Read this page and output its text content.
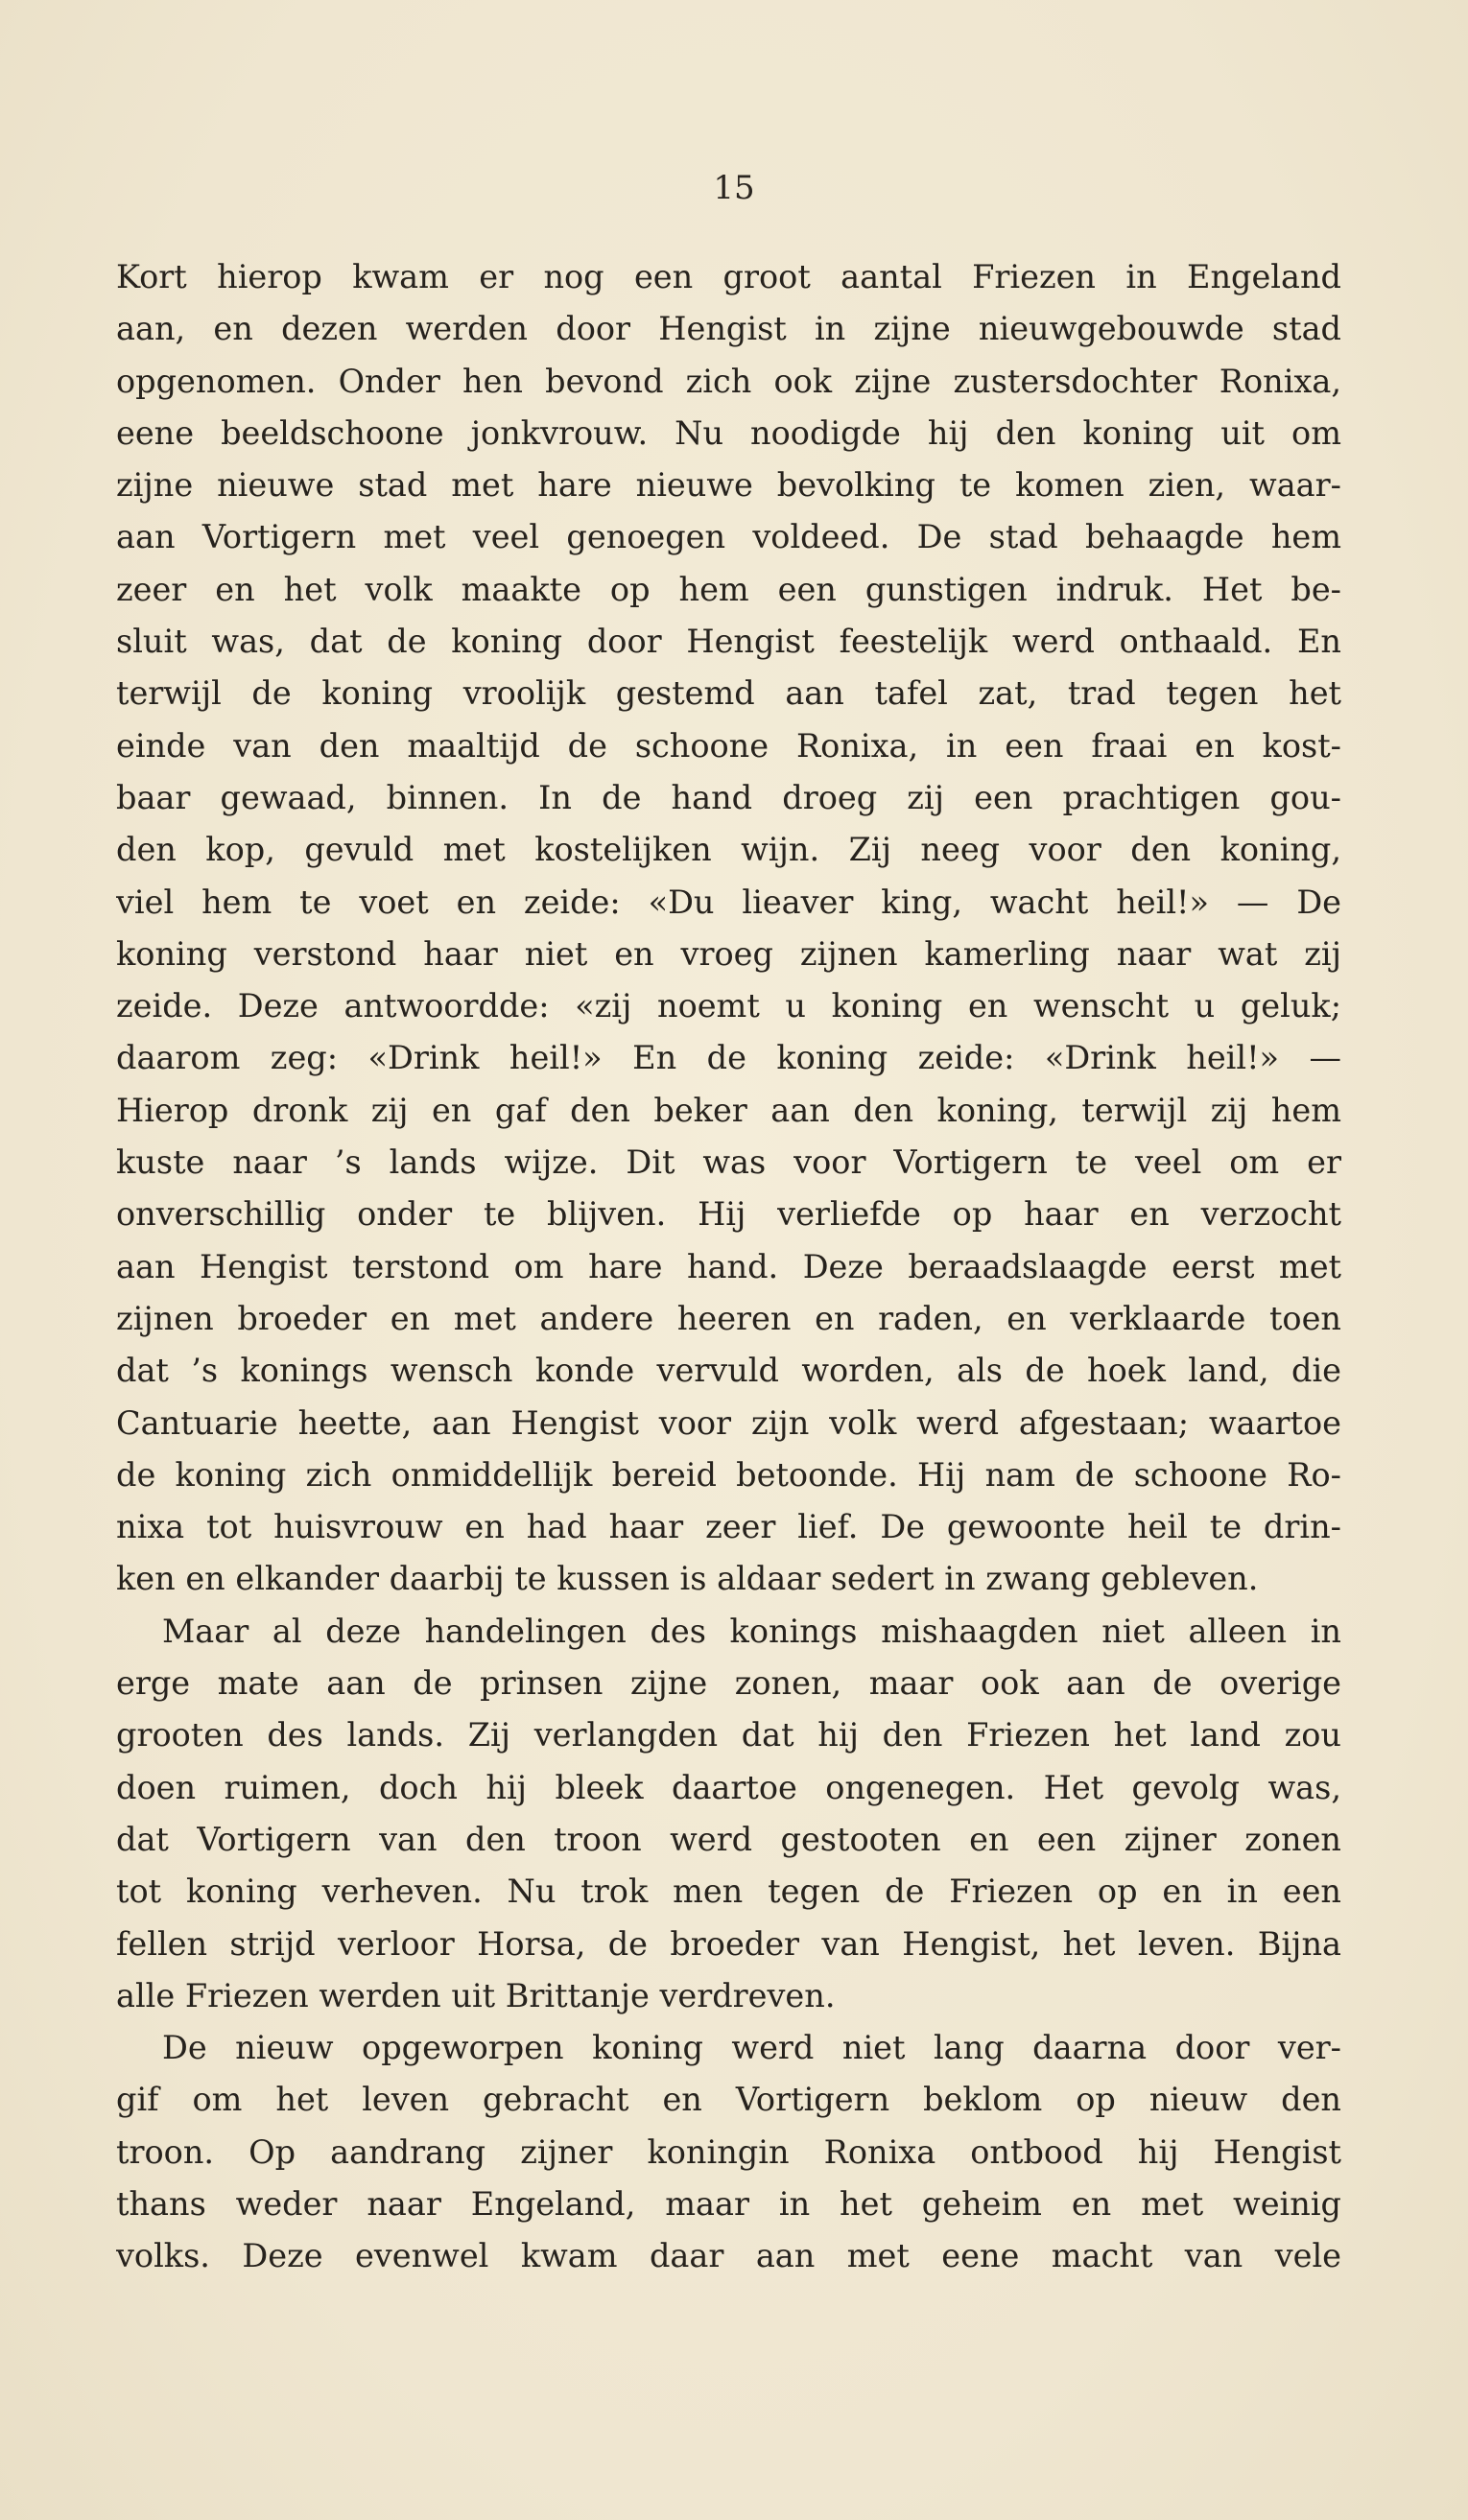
15
Kort hierop kwam er nog een groot aantal Friezen in Engeland
aan, en dezen werden door Hengist in zijne nieuwgebouwde stad
opgenomen. Onder hen bevond zich ook zijne zustersdochter Ronixa,
eene beeldschoone jonkvrouw. Nu noodigde hij den koning uit om
zijne nieuwe stad met hare nieuwe bevolking te komen zien, waar-
aan Vortigern met veel genoegen voldeed. De stad behaagde hem
zeer en het volk maakte op hem een gunstigen indruk. Het be-
sluit was, dat de koning door Hengist feestelijk werd onthaald. En
terwijl de koning vroolijk gestemd aan tafel zat, trad tegen het
einde van den maaltijd de schoone Ronixa, in een fraai en kost-
baar gewaad, binnen. In de hand droeg zij een prachtigen gou-
den kop, gevuld met kostelijken wijn. Zij neeg voor den koning,
viel hem te voet en zeide: «Du lieaver king, wacht heil!» — De
koning verstond haar niet en vroeg zijnen kamerling naar wat zij
zeide. Deze antwoordde: «zij noemt u koning en wenscht u geluk;
daarom zeg: «Drink heil!» En de koning zeide: «Drink heil!» —
Hierop dronk zij en gaf den beker aan den koning, terwijl zij hem
kuste naar ’s lands wijze. Dit was voor Vortigern te veel om er
onverschillig onder te blijven. Hij verliefde op haar en verzocht
aan Hengist terstond om hare hand. Deze beraadslaagde eerst met
zijnen broeder en met andere heeren en raden, en verklaarde toen
dat ’s konings wensch konde vervuld worden, als de hoek land, die
Cantuarie heette, aan Hengist voor zijn volk werd afgestaan; waartoe
de koning zich onmiddellijk bereid betoonde. Hij nam de schoone Ro-
nixa tot huisvrouw en had haar zeer lief. De gewoonte heil te drin-
ken en elkander daarbij te kussen is aldaar sedert in zwang gebleven.
Maar al deze handelingen des konings mishaagden niet alleen in
erge mate aan de prinsen zijne zonen, maar ook aan de overige
grooten des lands. Zij verlangden dat hij den Friezen het land zou
doen ruimen, doch hij bleek daartoe ongenegen. Het gevolg was,
dat Vortigern van den troon werd gestooten en een zijner zonen
tot koning verheven. Nu trok men tegen de Friezen op en in een
fellen strijd verloor Horsa, de broeder van Hengist, het leven. Bijna
alle Friezen werden uit Brittanje verdreven.
De nieuw opgeworpen koning werd niet lang daarna door ver-
gif om het leven gebracht en Vortigern beklom op nieuw den
troon. Op aandrang zijner koningin Ronixa ontbood hij Hengist
thans weder naar Engeland, maar in het geheim en met weinig
volks. Deze evenwel kwam daar aan met eene macht van vele
